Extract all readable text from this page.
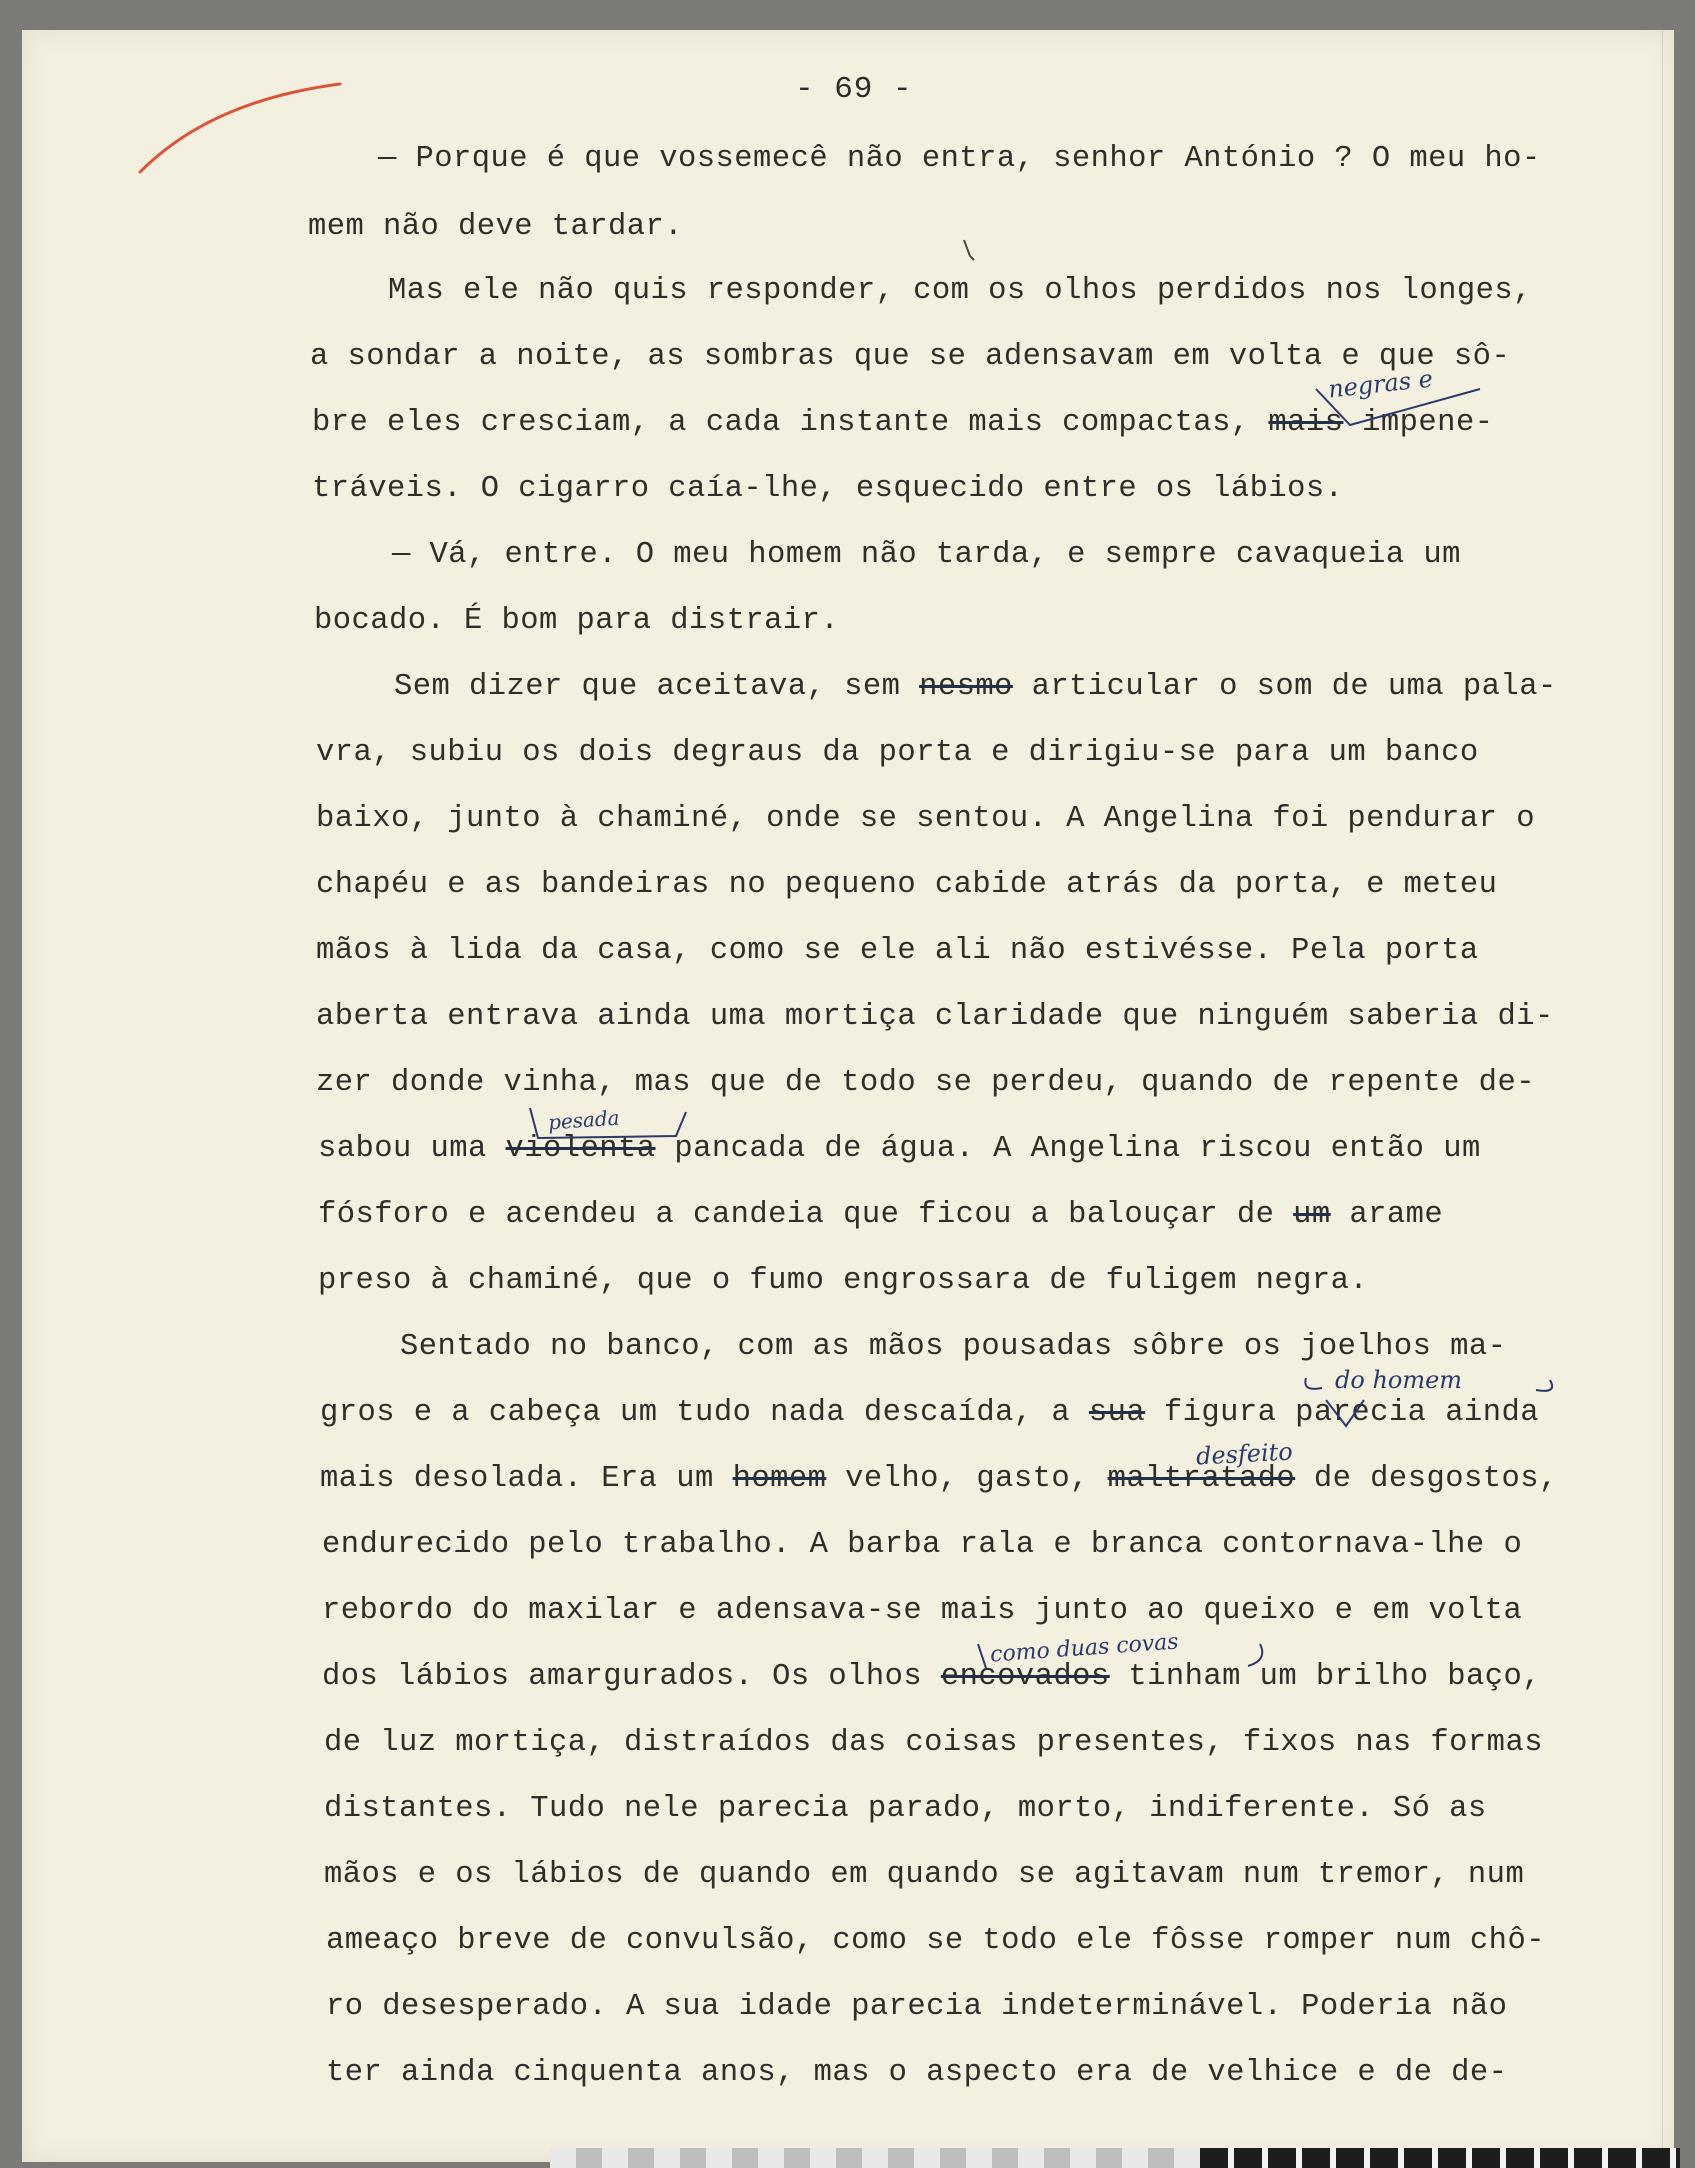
- 69 -
— Porque é que vossemecê não entra, senhor António ? O meu ho-
mem não deve tardar.
Mas ele não quis responder, com os olhos perdidos nos longes,
a sondar a noite, as sombras que se adensavam em volta e que sô-
bre eles cresciam, a cada instante mais compactas, mais impene-
tráveis. O cigarro caía-lhe, esquecido entre os lábios.
— Vá, entre. O meu homem não tarda, e sempre cavaqueia um
bocado. É bom para distrair.
Sem dizer que aceitava, sem nesmo articular o som de uma pala-
vra, subiu os dois degraus da porta e dirigiu-se para um banco
baixo, junto à chaminé, onde se sentou. A Angelina foi pendurar o
chapéu e as bandeiras no pequeno cabide atrás da porta, e meteu
mãos à lida da casa, como se ele ali não estivésse. Pela porta
aberta entrava ainda uma mortiça claridade que ninguém saberia di-
zer donde vinha, mas que de todo se perdeu, quando de repente de-
sabou uma violenta pancada de água. A Angelina riscou então um
fósforo e acendeu a candeia que ficou a balouçar de um arame
preso à chaminé, que o fumo engrossara de fuligem negra.
Sentado no banco, com as mãos pousadas sôbre os joelhos ma-
gros e a cabeça um tudo nada descaída, a sua figura parecia ainda
mais desolada. Era um homem velho, gasto, maltratado de desgostos,
endurecido pelo trabalho. A barba rala e branca contornava-lhe o
rebordo do maxilar e adensava-se mais junto ao queixo e em volta
dos lábios amargurados. Os olhos encovados tinham um brilho baço,
de luz mortiça, distraídos das coisas presentes, fixos nas formas
distantes. Tudo nele parecia parado, morto, indiferente. Só as
mãos e os lábios de quando em quando se agitavam num tremor, num
ameaço breve de convulsão, como se todo ele fôsse romper num chô-
ro desesperado. A sua idade parecia indeterminável. Poderia não
ter ainda cinquenta anos, mas o aspecto era de velhice e de de-
negras e
pesada
do homem
desfeito
como duas covas
